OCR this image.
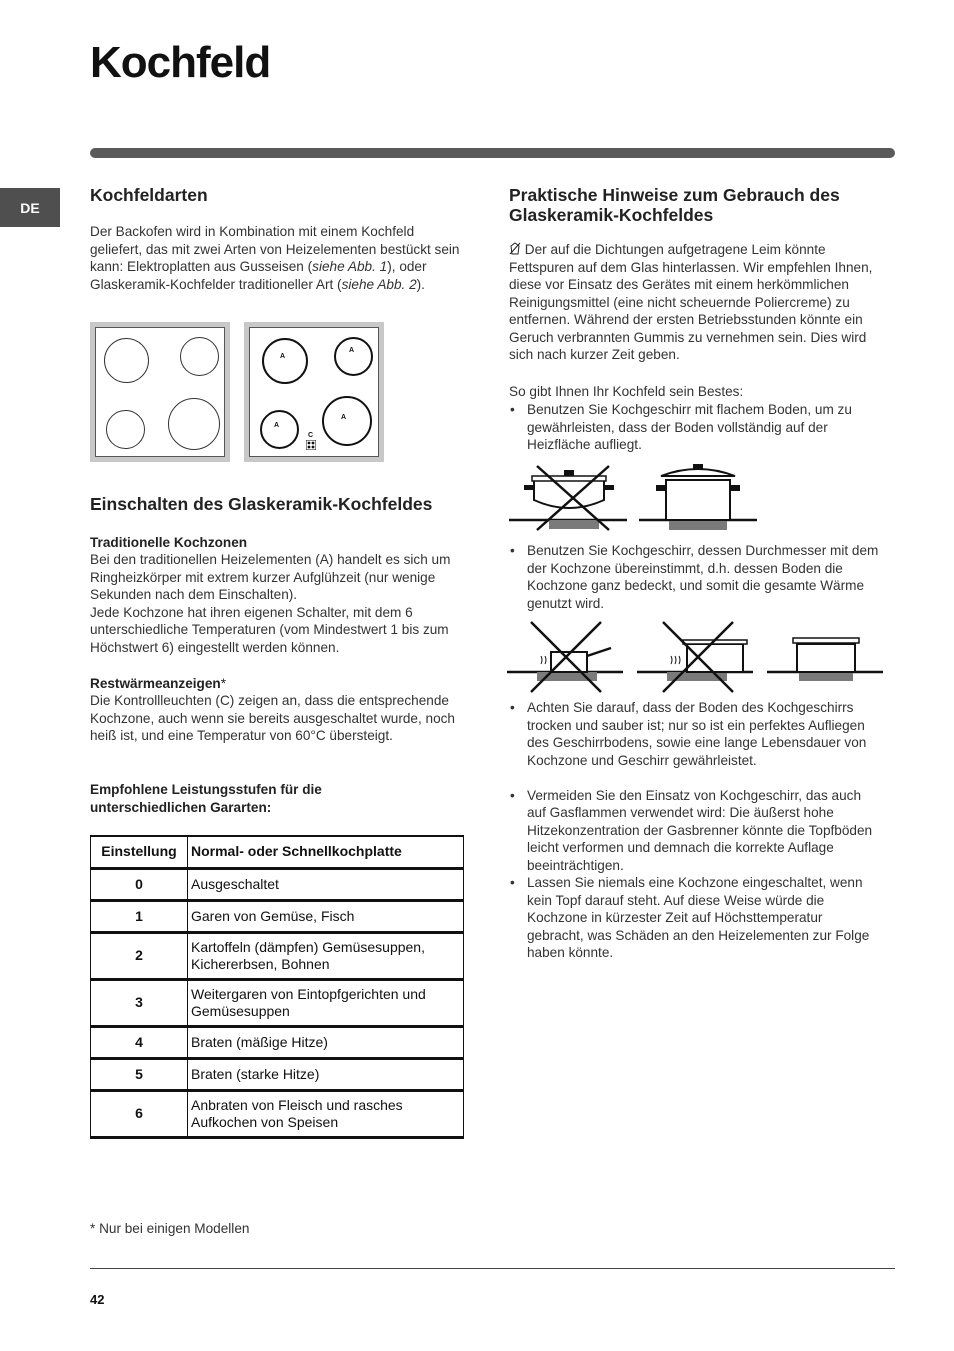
Kochfeld
DE
Kochfeldarten

Der Backofen wird in Kombination mit einem Kochfeld geliefert, das mit zwei Arten von Heizelementen bestückt sein kann: Elektroplatten aus Gusseisen (siehe Abb. 1), oder Glaskeramik-Kochfelder traditioneller Art (siehe Abb. 2).

A
A
A
A
C
Einschalten des Glaskeramik-Kochfeldes

Traditionelle Kochzonen

Bei den traditionellen Heizelementen (A) handelt es sich um Ringheizkörper mit extrem kurzer Aufglühzeit (nur wenige Sekunden nach dem Einschalten).

Jede Kochzone hat ihren eigenen Schalter, mit dem 6 unterschiedliche Temperaturen (vom Mindestwert 1 bis zum Höchstwert 6) eingestellt werden können.

Restwärmeanzeigen*

Die Kontrollleuchten (C) zeigen an, dass die entsprechende Kochzone, auch wenn sie bereits ausgeschaltet wurde, noch heiß ist, und eine Temperatur von 60°C übersteigt.

Empfohlene Leistungsstufen für die unterschiedlichen Gararten:

Einstellung	Normal- oder Schnellkochplatte
0	Ausgeschaltet
1	Garen von Gemüse, Fisch
2	Kartoffeln (dämpfen) Gemüsesuppen, Kichererbsen, Bohnen
3	Weitergaren von Eintopfgerichten und Gemüsesuppen
4	Braten (mäßige Hitze)
5	Braten (starke Hitze)
6	Anbraten von Fleisch und rasches Aufkochen von Speisen
Praktische Hinweise zum Gebrauch des Glaskeramik-Kochfeldes
Der auf die Dichtungen aufgetragene Leim könnte Fettspuren auf dem Glas hinterlassen. Wir empfehlen Ihnen, diese vor Einsatz des Gerätes mit einem herkömmlichen Reinigungsmittel (eine nicht scheuernde Poliercreme) zu entfernen. Während der ersten Betriebsstunden könnte ein Geruch verbrannten Gummis zu vernehmen sein. Dies wird sich nach kurzer Zeit geben.

So gibt Ihnen Ihr Kochfeld sein Bestes:

• Benutzen Sie Kochgeschirr mit flachem Boden, um zu gewährleisten, dass der Boden vollständig auf der Heizfläche aufliegt.
• Benutzen Sie Kochgeschirr, dessen Durchmesser mit dem der Kochzone übereinstimmt, d.h. dessen Boden die Kochzone ganz bedeckt, und somit die gesamte Wärme genutzt wird.
• Achten Sie darauf, dass der Boden des Kochgeschirrs trocken und sauber ist; nur so ist ein perfektes Aufliegen des Geschirrbodens, sowie eine lange Lebensdauer von Kochzone und Geschirr gewährleistet.
• Vermeiden Sie den Einsatz von Kochgeschirr, das auch auf Gasflammen verwendet wird: Die äußerst hohe Hitzekonzentration der Gasbrenner könnte die Topfböden leicht verformen und demnach die korrekte Auflage beeinträchtigen.
• Lassen Sie niemals eine Kochzone eingeschaltet, wenn kein Topf darauf steht. Auf diese Weise würde die Kochzone in kürzester Zeit auf Höchsttemperatur gebracht, was Schäden an den Heizelementen zur Folge haben könnte.
* Nur bei einigen Modellen
42
